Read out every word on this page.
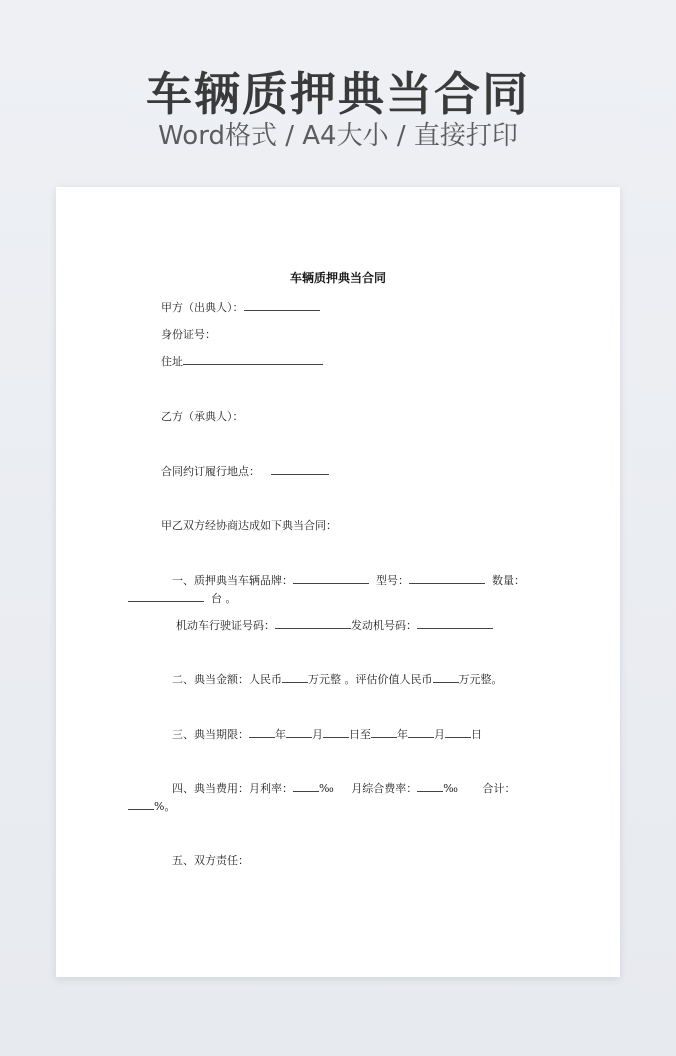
车辆质押典当合同
Word格式 / A4大小 / 直接打印
车辆质押典当合同
甲方（出典人）：
身份证号：
住址
乙方（承典人）：
合同约订履行地点：
甲乙双方经协商达成如下典当合同：
一、质押典当车辆品牌：	型号：	数量：
台 。
机动车行驶证号码：	发动机号码：
二、典当金额：人民币 万元整 。评估价值人民币 万元整。
三、典当期限： 年 月 日至 年 月 日
四、典当费用：月利率： ‰ 月综合费率： ‰ 合计：
%。
五、双方责任：
